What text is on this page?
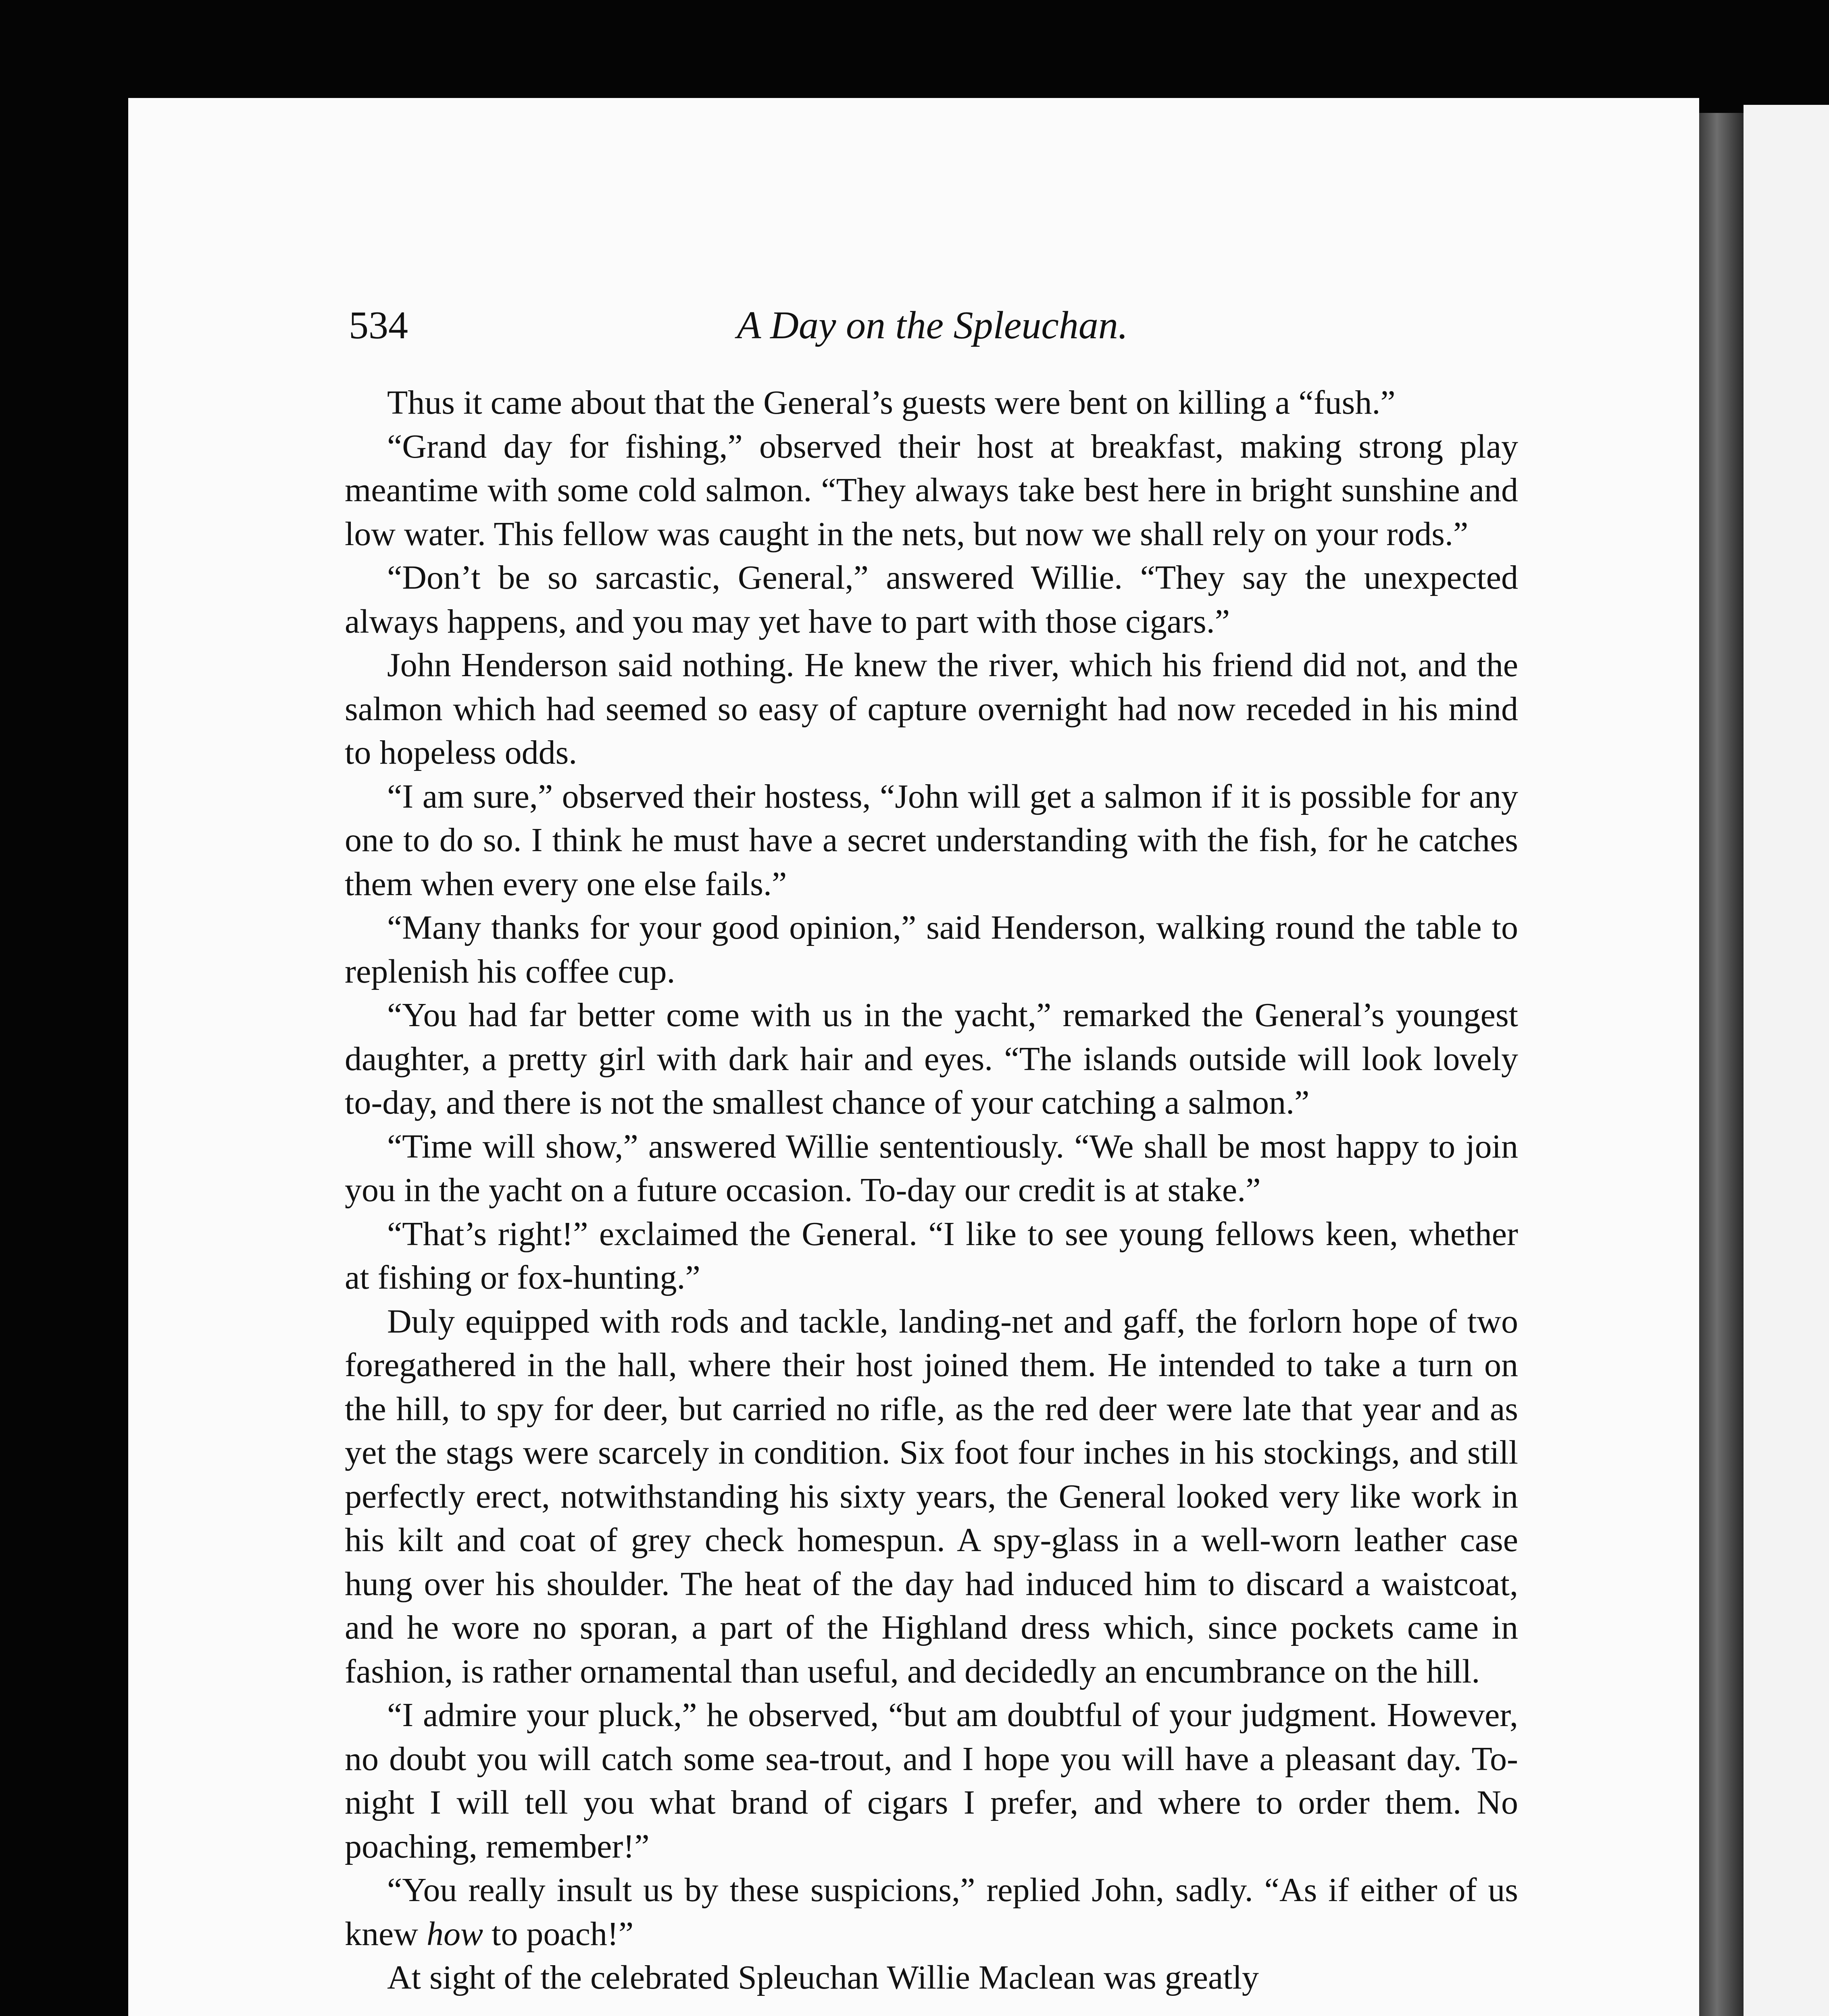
534	A Day on the Spleuchan.

Thus it came about that the General’s guests were bent on killing a “fush.”

“Grand day for fishing,” observed their host at breakfast, making strong play meantime with some cold salmon. “They always take best here in bright sunshine and low water. This fellow was caught in the nets, but now we shall rely on your rods.”

“Don’t be so sarcastic, General,” answered Willie. “They say the unexpected always happens, and you may yet have to part with those cigars.”

John Henderson said nothing. He knew the river, which his friend did not, and the salmon which had seemed so easy of capture overnight had now receded in his mind to hopeless odds.

“I am sure,” observed their hostess, “John will get a salmon if it is possible for any one to do so. I think he must have a secret understanding with the fish, for he catches them when every one else fails.”

“Many thanks for your good opinion,” said Henderson, walking round the table to replenish his coffee cup.

“You had far better come with us in the yacht,” remarked the General’s youngest daughter, a pretty girl with dark hair and eyes. “The islands outside will look lovely to-day, and there is not the smallest chance of your catching a salmon.”

“Time will show,” answered Willie sententiously. “We shall be most happy to join you in the yacht on a future occasion. To-day our credit is at stake.”

“That’s right!” exclaimed the General. “I like to see young fellows keen, whether at fishing or fox-hunting.”

Duly equipped with rods and tackle, landing-net and gaff, the forlorn hope of two foregathered in the hall, where their host joined them. He intended to take a turn on the hill, to spy for deer, but carried no rifle, as the red deer were late that year and as yet the stags were scarcely in condition. Six foot four inches in his stockings, and still perfectly erect, notwithstanding his sixty years, the General looked very like work in his kilt and coat of grey check homespun. A spy-glass in a well-worn leather case hung over his shoulder. The heat of the day had induced him to discard a waistcoat, and he wore no sporan, a part of the Highland dress which, since pockets came in fashion, is rather ornamental than useful, and decidedly an encumbrance on the hill.

“I admire your pluck,” he observed, “but am doubtful of your judgment. However, no doubt you will catch some sea-trout, and I hope you will have a pleasant day. To-night I will tell you what brand of cigars I prefer, and where to order them. No poaching, remember!”

“You really insult us by these suspicions,” replied John, sadly. “As if either of us knew how to poach!”

At sight of the celebrated Spleuchan Willie Maclean was greatly
